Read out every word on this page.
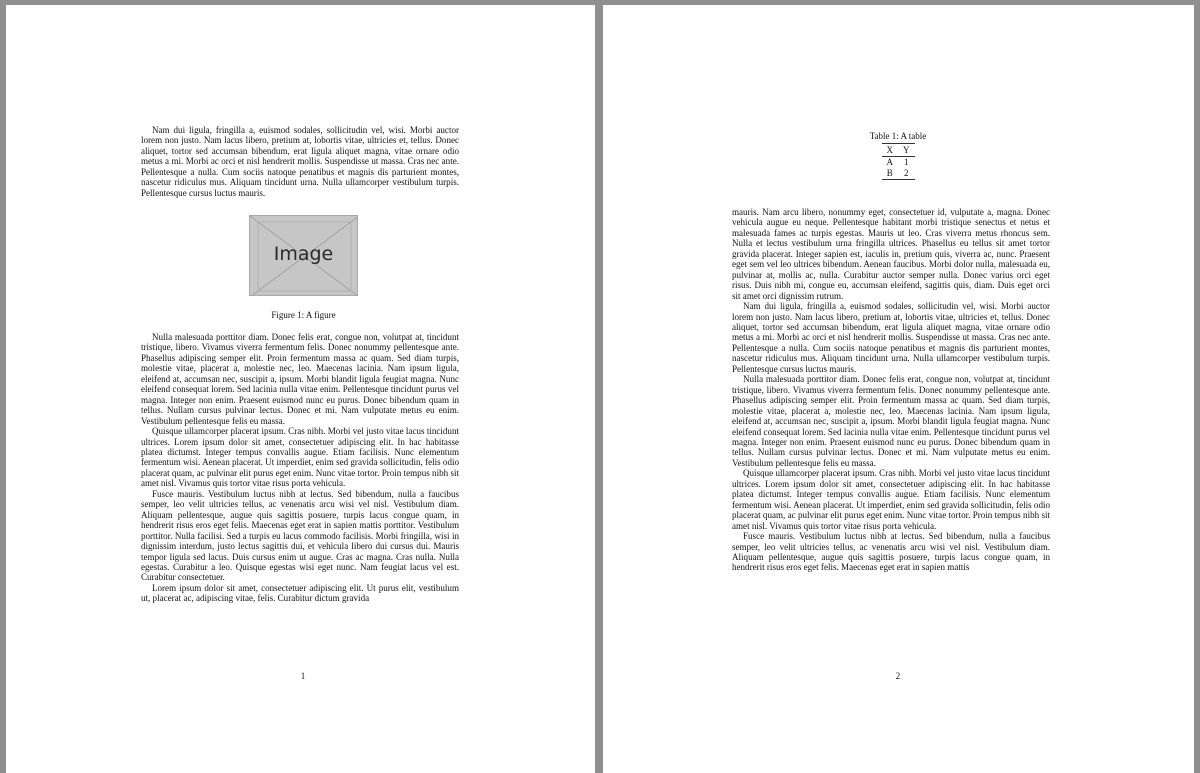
Nam dui ligula, fringilla a, euismod sodales, sollicitudin vel, wisi. Morbi auctor lorem non justo. Nam lacus libero, pretium at, lobortis vitae, ultricies et, tellus. Donec aliquet, tortor sed accumsan bibendum, erat ligula aliquet magna, vitae ornare odio metus a mi. Morbi ac orci et nisl hendrerit mollis. Suspendisse ut massa. Cras nec ante. Pellentesque a nulla. Cum sociis natoque penatibus et magnis dis parturient montes, nascetur ridiculus mus. Aliquam tincidunt urna. Nulla ullamcorper vestibulum turpis. Pellentesque cursus luctus mauris.

Image
Figure 1: A figure

Nulla malesuada porttitor diam. Donec felis erat, congue non, volutpat at, tincidunt tristique, libero. Vivamus viverra fermentum felis. Donec nonummy pellentesque ante. Phasellus adipiscing semper elit. Proin fermentum massa ac quam. Sed diam turpis, molestie vitae, placerat a, molestie nec, leo. Maecenas lacinia. Nam ipsum ligula, eleifend at, accumsan nec, suscipit a, ipsum. Morbi blandit ligula feugiat magna. Nunc eleifend consequat lorem. Sed lacinia nulla vitae enim. Pellentesque tincidunt purus vel magna. Integer non enim. Praesent euismod nunc eu purus. Donec bibendum quam in tellus. Nullam cursus pulvinar lectus. Donec et mi. Nam vulputate metus eu enim. Vestibulum pellentesque felis eu massa.

Quisque ullamcorper placerat ipsum. Cras nibh. Morbi vel justo vitae lacus tincidunt ultrices. Lorem ipsum dolor sit amet, consectetuer adipiscing elit. In hac habitasse platea dictumst. Integer tempus convallis augue. Etiam facilisis. Nunc elementum fermentum wisi. Aenean placerat. Ut imperdiet, enim sed gravida sollicitudin, felis odio placerat quam, ac pulvinar elit purus eget enim. Nunc vitae tortor. Proin tempus nibh sit amet nisl. Vivamus quis tortor vitae risus porta vehicula.

Fusce mauris. Vestibulum luctus nibh at lectus. Sed bibendum, nulla a faucibus semper, leo velit ultricies tellus, ac venenatis arcu wisi vel nisl. Vestibulum diam. Aliquam pellentesque, augue quis sagittis posuere, turpis lacus congue quam, in hendrerit risus eros eget felis. Maecenas eget erat in sapien mattis porttitor. Vestibulum porttitor. Nulla facilisi. Sed a turpis eu lacus commodo facilisis. Morbi fringilla, wisi in dignissim interdum, justo lectus sagittis dui, et vehicula libero dui cursus dui. Mauris tempor ligula sed lacus. Duis cursus enim ut augue. Cras ac magna. Cras nulla. Nulla egestas. Curabitur a leo. Quisque egestas wisi eget nunc. Nam feugiat lacus vel est. Curabitur consectetuer.

Lorem ipsum dolor sit amet, consectetuer adipiscing elit. Ut purus elit, vestibulum ut, placerat ac, adipiscing vitae, felis. Curabitur dictum gravida

1
Table 1: A table
X	Y
A	1
B	2

mauris. Nam arcu libero, nonummy eget, consectetuer id, vulputate a, magna. Donec vehicula augue eu neque. Pellentesque habitant morbi tristique senectus et netus et malesuada fames ac turpis egestas. Mauris ut leo. Cras viverra metus rhoncus sem. Nulla et lectus vestibulum urna fringilla ultrices. Phasellus eu tellus sit amet tortor gravida placerat. Integer sapien est, iaculis in, pretium quis, viverra ac, nunc. Praesent eget sem vel leo ultrices bibendum. Aenean faucibus. Morbi dolor nulla, malesuada eu, pulvinar at, mollis ac, nulla. Curabitur auctor semper nulla. Donec varius orci eget risus. Duis nibh mi, congue eu, accumsan eleifend, sagittis quis, diam. Duis eget orci sit amet orci dignissim rutrum.

Nam dui ligula, fringilla a, euismod sodales, sollicitudin vel, wisi. Morbi auctor lorem non justo. Nam lacus libero, pretium at, lobortis vitae, ultricies et, tellus. Donec aliquet, tortor sed accumsan bibendum, erat ligula aliquet magna, vitae ornare odio metus a mi. Morbi ac orci et nisl hendrerit mollis. Suspendisse ut massa. Cras nec ante. Pellentesque a nulla. Cum sociis natoque penatibus et magnis dis parturient montes, nascetur ridiculus mus. Aliquam tincidunt urna. Nulla ullamcorper vestibulum turpis. Pellentesque cursus luctus mauris.

Nulla malesuada porttitor diam. Donec felis erat, congue non, volutpat at, tincidunt tristique, libero. Vivamus viverra fermentum felis. Donec nonummy pellentesque ante. Phasellus adipiscing semper elit. Proin fermentum massa ac quam. Sed diam turpis, molestie vitae, placerat a, molestie nec, leo. Maecenas lacinia. Nam ipsum ligula, eleifend at, accumsan nec, suscipit a, ipsum. Morbi blandit ligula feugiat magna. Nunc eleifend consequat lorem. Sed lacinia nulla vitae enim. Pellentesque tincidunt purus vel magna. Integer non enim. Praesent euismod nunc eu purus. Donec bibendum quam in tellus. Nullam cursus pulvinar lectus. Donec et mi. Nam vulputate metus eu enim. Vestibulum pellentesque felis eu massa.

Quisque ullamcorper placerat ipsum. Cras nibh. Morbi vel justo vitae lacus tincidunt ultrices. Lorem ipsum dolor sit amet, consectetuer adipiscing elit. In hac habitasse platea dictumst. Integer tempus convallis augue. Etiam facilisis. Nunc elementum fermentum wisi. Aenean placerat. Ut imperdiet, enim sed gravida sollicitudin, felis odio placerat quam, ac pulvinar elit purus eget enim. Nunc vitae tortor. Proin tempus nibh sit amet nisl. Vivamus quis tortor vitae risus porta vehicula.

Fusce mauris. Vestibulum luctus nibh at lectus. Sed bibendum, nulla a faucibus semper, leo velit ultricies tellus, ac venenatis arcu wisi vel nisl. Vestibulum diam. Aliquam pellentesque, augue quis sagittis posuere, turpis lacus congue quam, in hendrerit risus eros eget felis. Maecenas eget erat in sapien mattis

2
